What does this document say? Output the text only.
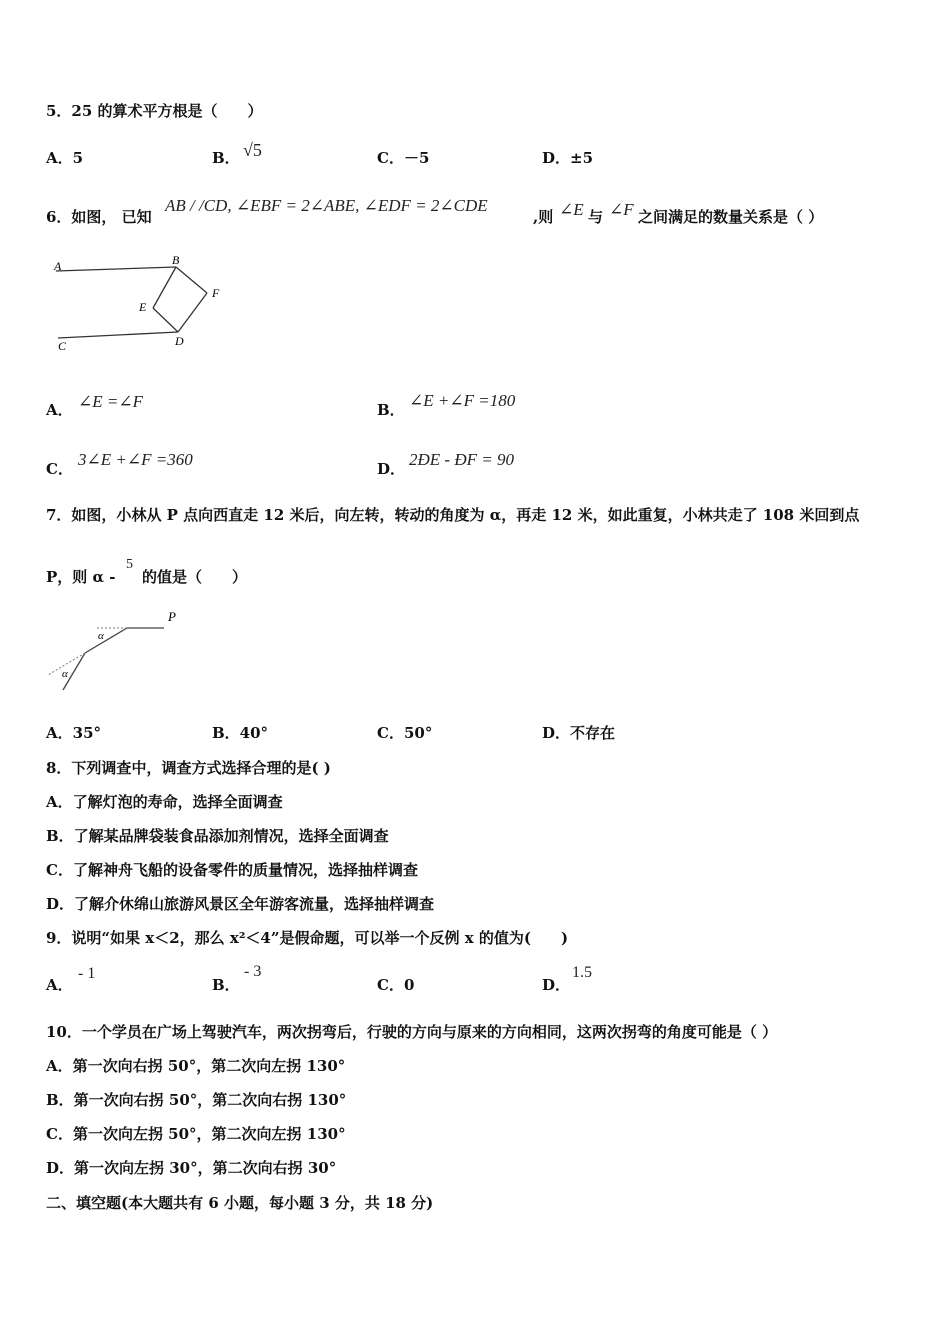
5．25 的算术平方根是（　　）
A．5	B． √5	C．－5	D．±5
6．如图， 已知
AB / /CD, ∠EBF = 2∠ABE, ∠EDF = 2∠CDE
,则 ∠E 与 ∠F 之间满足的数量关系是（ ）
A	B
E
F
C	D
A． ∠E =∠F	B． ∠E +∠F =180
C． 3∠E +∠F =360	D． 2ÐE - ÐF = 90
7．如图，小林从 P 点向西直走 12 米后，向左转，转动的角度为 α，再走 12 米，如此重复，小林共走了 108 米回到点
P，则 α -
5
的值是（　　）
P
α
α
A．35°	B．40°	C．50°	D．不存在
8．下列调查中，调查方式选择合理的是( )
A．了解灯泡的寿命，选择全面调查
B．了解某品牌袋装食品添加剂情况，选择全面调查
C．了解神舟飞船的设备零件的质量情况，选择抽样调查
D．了解介休绵山旅游风景区全年游客流量，选择抽样调查
9．说明“如果 x＜2，那么 x²＜4”是假命题，可以举一个反例 x 的值为(　　)
A．
- 1
B．
- 3
C．0	D．
1.5
10．一个学员在广场上驾驶汽车，两次拐弯后，行驶的方向与原来的方向相同，这两次拐弯的角度可能是（ ）
A．第一次向右拐 50°，第二次向左拐 130°
B．第一次向右拐 50°，第二次向右拐 130°
C．第一次向左拐 50°，第二次向左拐 130°
D．第一次向左拐 30°，第二次向右拐 30°
二、填空题(本大题共有 6 小题，每小题 3 分，共 18 分)
